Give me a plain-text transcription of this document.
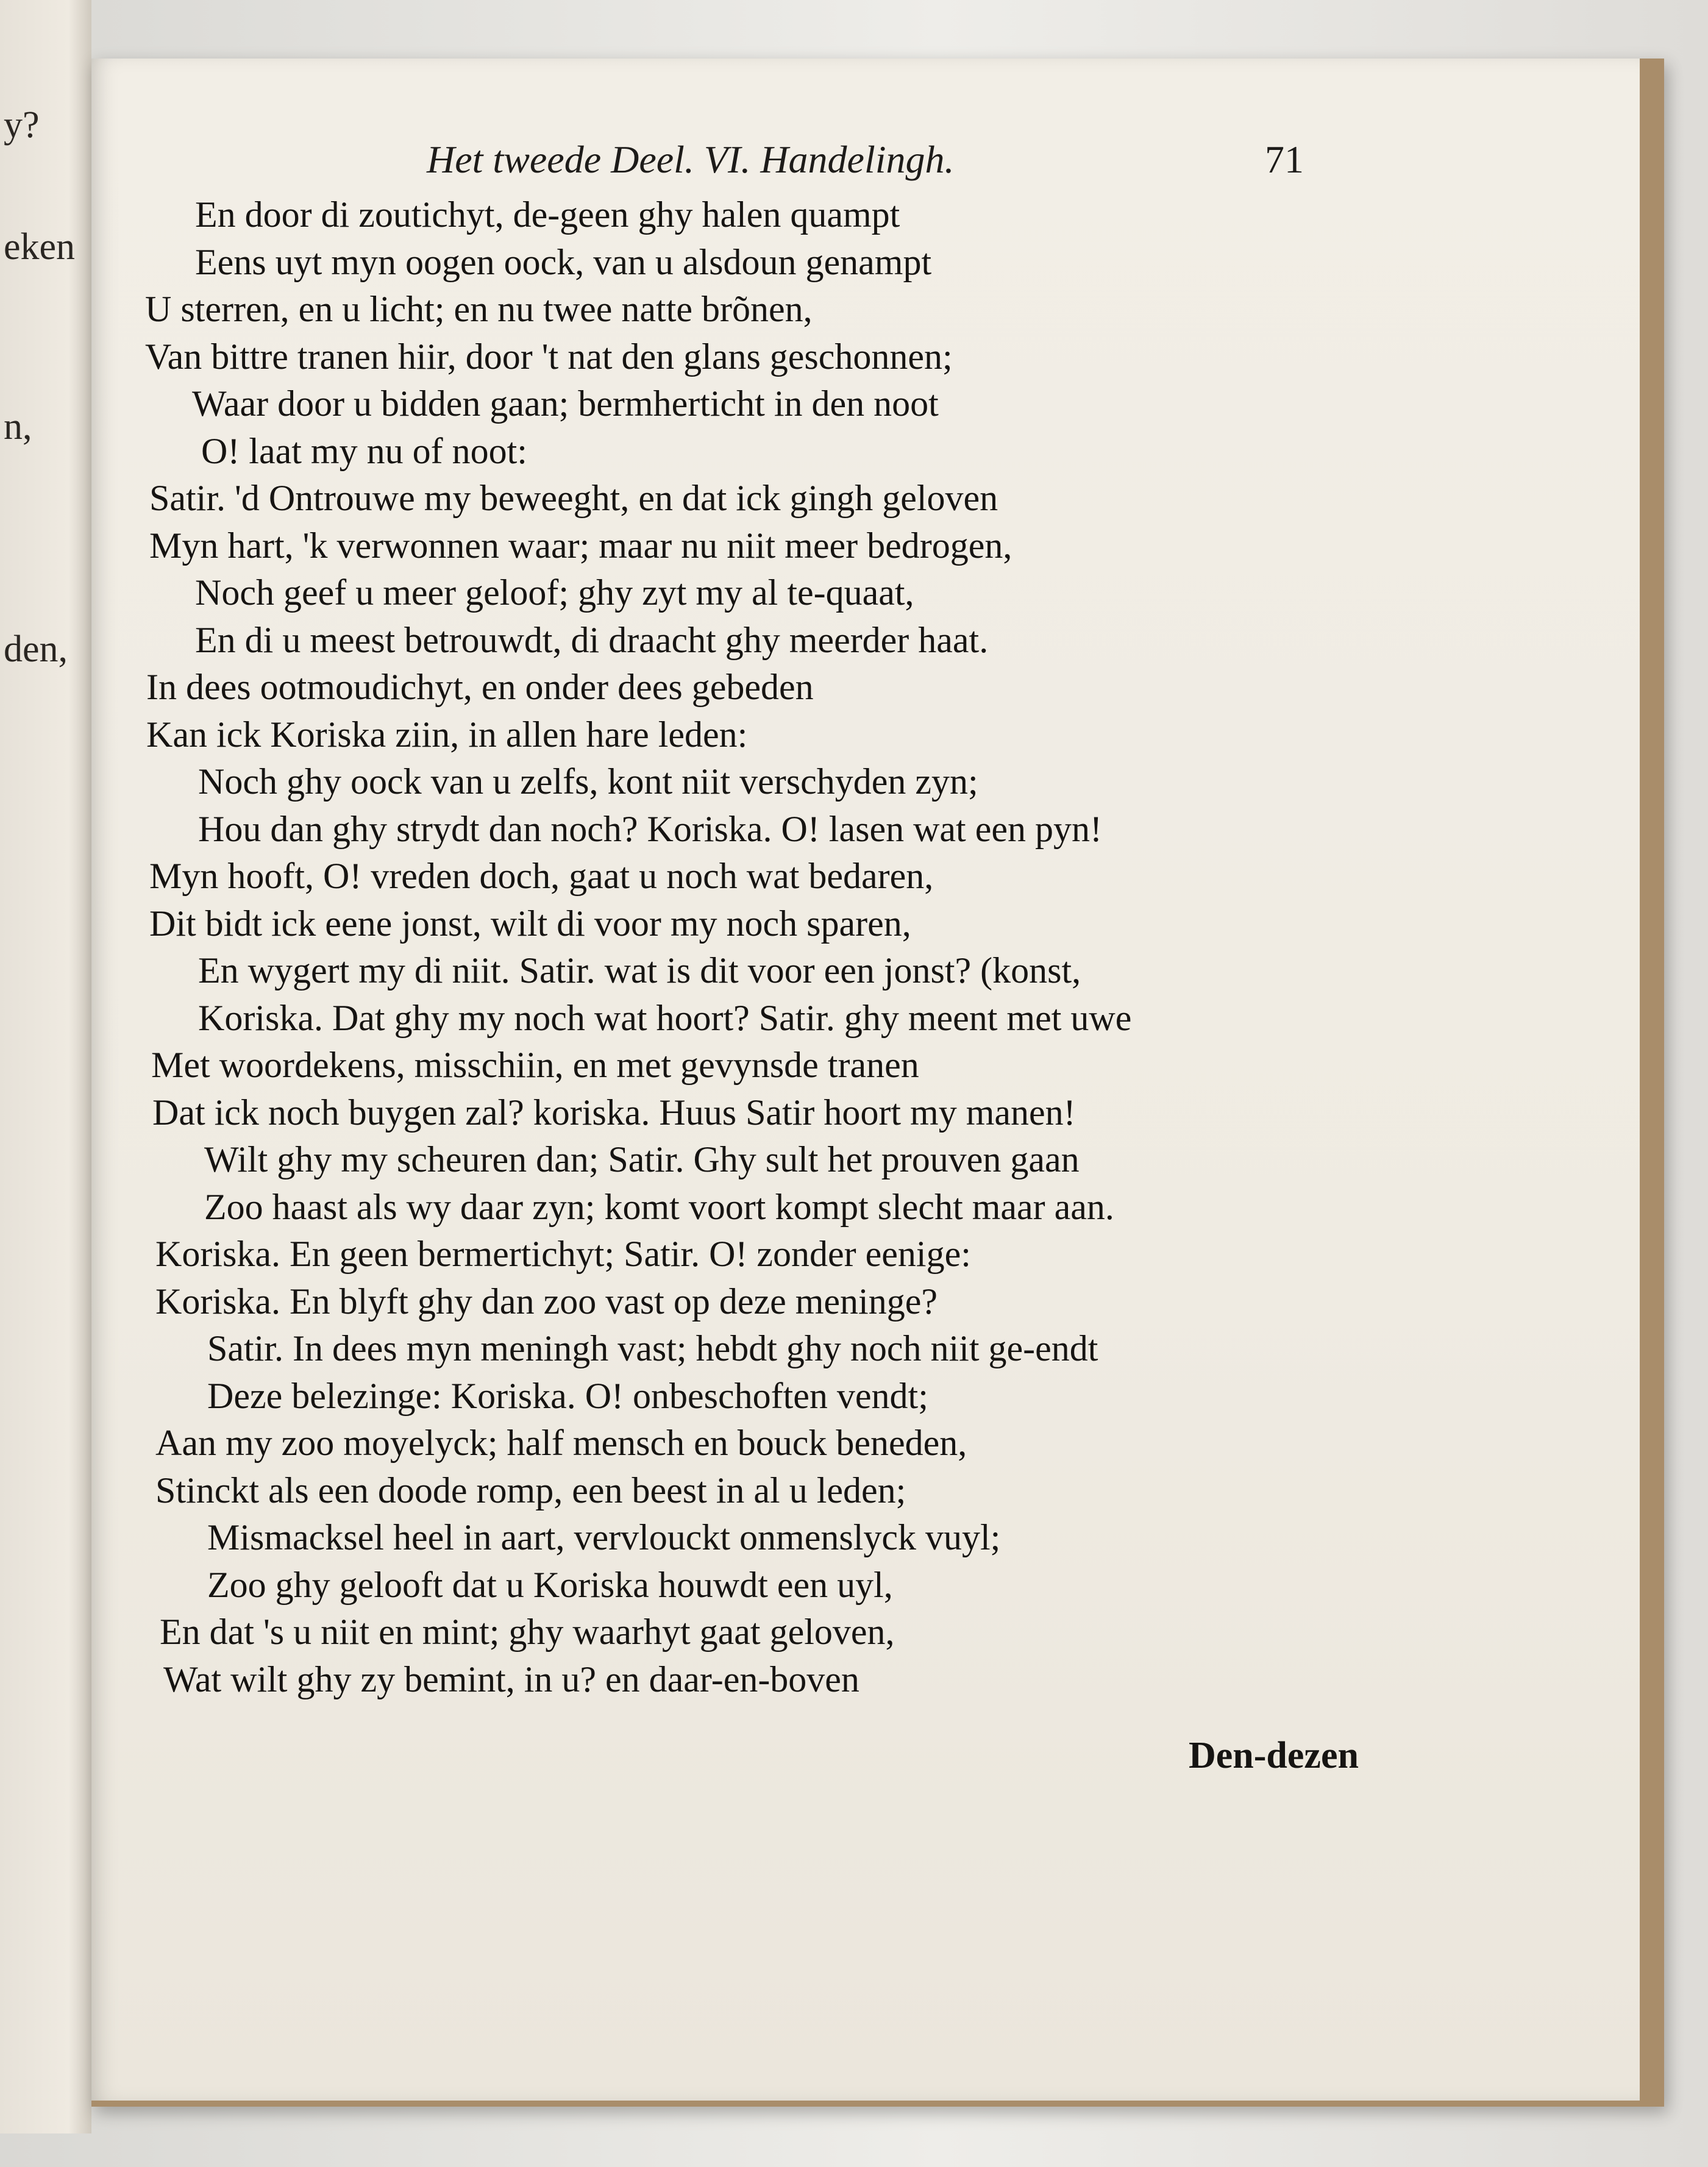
y?
eken
n,
den,
Het tweede Deel. VI. Handelingh.	71
En door di zoutichyt, de-geen ghy halen quampt
Eens uyt myn oogen oock, van u alsdoun genampt
U sterren, en u licht; en nu twee natte brõnen,
Van bittre tranen hiir, door 't nat den glans geschonnen;
Waar door u bidden gaan; bermherticht in den noot
O! laat my nu of noot:
Satir. 'd Ontrouwe my beweeght, en dat ick gingh geloven
Myn hart, 'k verwonnen waar; maar nu niit meer bedrogen,
Noch geef u meer geloof; ghy zyt my al te-quaat,
En di u meest betrouwdt, di draacht ghy meerder haat.
In dees ootmoudichyt, en onder dees gebeden
Kan ick Koriska ziin, in allen hare leden:
Noch ghy oock van u zelfs, kont niit verschyden zyn;
Hou dan ghy strydt dan noch? Koriska. O! lasen wat een pyn!
Myn hooft, O! vreden doch, gaat u noch wat bedaren,
Dit bidt ick eene jonst, wilt di voor my noch sparen,
En wygert my di niit. Satir. wat is dit voor een jonst? (konst,
Koriska. Dat ghy my noch wat hoort? Satir. ghy meent met uwe
Met woordekens, misschiin, en met gevynsde tranen
Dat ick noch buygen zal? koriska. Huus Satir hoort my manen!
Wilt ghy my scheuren dan; Satir. Ghy sult het prouven gaan
Zoo haast als wy daar zyn; komt voort kompt slecht maar aan.
Koriska. En geen bermertichyt; Satir. O! zonder eenige:
Koriska. En blyft ghy dan zoo vast op deze meninge?
Satir. In dees myn meningh vast; hebdt ghy noch niit ge-endt
Deze belezinge: Koriska. O! onbeschoften vendt;
Aan my zoo moyelyck; half mensch en bouck beneden,
Stinckt als een doode romp, een beest in al u leden;
Mismacksel heel in aart, vervlouckt onmenslyck vuyl;
Zoo ghy gelooft dat u Koriska houwdt een uyl,
En dat 's u niit en mint; ghy waarhyt gaat geloven,
Wat wilt ghy zy bemint, in u? en daar-en-boven
Den-dezen
